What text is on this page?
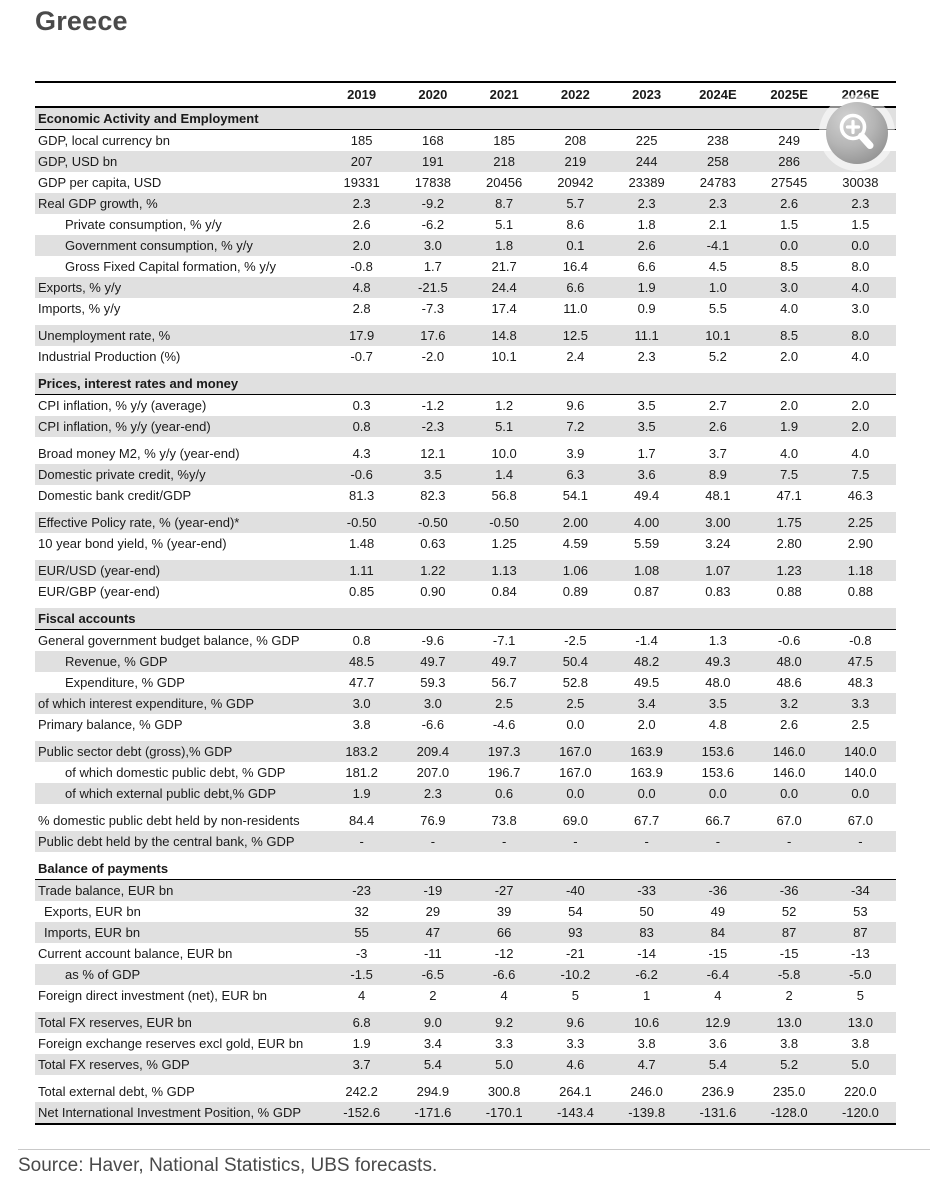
Greece
	2019	2020	2021	2022	2023	2024E	2025E	2026E
Economic Activity and Employment								
GDP, local currency bn	185	168	185	208	225	238	249	
GDP, USD bn	207	191	218	219	244	258	286	
GDP per capita, USD	19331	17838	20456	20942	23389	24783	27545	30038
Real GDP growth, %	2.3	-9.2	8.7	5.7	2.3	2.3	2.6	2.3
Private consumption, % y/y	2.6	-6.2	5.1	8.6	1.8	2.1	1.5	1.5
Government consumption, % y/y	2.0	3.0	1.8	0.1	2.6	-4.1	0.0	0.0
Gross Fixed Capital formation, % y/y	-0.8	1.7	21.7	16.4	6.6	4.5	8.5	8.0
Exports, % y/y	4.8	-21.5	24.4	6.6	1.9	1.0	3.0	4.0
Imports, % y/y	2.8	-7.3	17.4	11.0	0.9	5.5	4.0	3.0

Unemployment rate, %	17.9	17.6	14.8	12.5	11.1	10.1	8.5	8.0
Industrial Production (%)	-0.7	-2.0	10.1	2.4	2.3	5.2	2.0	4.0

Prices, interest rates and money								
CPI inflation, % y/y (average)	0.3	-1.2	1.2	9.6	3.5	2.7	2.0	2.0
CPI inflation, % y/y (year-end)	0.8	-2.3	5.1	7.2	3.5	2.6	1.9	2.0

Broad money M2, % y/y (year-end)	4.3	12.1	10.0	3.9	1.7	3.7	4.0	4.0
Domestic private credit, %y/y	-0.6	3.5	1.4	6.3	3.6	8.9	7.5	7.5
Domestic bank credit/GDP	81.3	82.3	56.8	54.1	49.4	48.1	47.1	46.3

Effective Policy rate, % (year-end)*	-0.50	-0.50	-0.50	2.00	4.00	3.00	1.75	2.25
10 year bond yield, % (year-end)	1.48	0.63	1.25	4.59	5.59	3.24	2.80	2.90

EUR/USD (year-end)	1.11	1.22	1.13	1.06	1.08	1.07	1.23	1.18
EUR/GBP (year-end)	0.85	0.90	0.84	0.89	0.87	0.83	0.88	0.88

Fiscal accounts								
General government budget balance, % GDP	0.8	-9.6	-7.1	-2.5	-1.4	1.3	-0.6	-0.8
Revenue, % GDP	48.5	49.7	49.7	50.4	48.2	49.3	48.0	47.5
Expenditure, % GDP	47.7	59.3	56.7	52.8	49.5	48.0	48.6	48.3
of which interest expenditure, % GDP	3.0	3.0	2.5	2.5	3.4	3.5	3.2	3.3
Primary balance, % GDP	3.8	-6.6	-4.6	0.0	2.0	4.8	2.6	2.5

Public sector debt (gross),% GDP	183.2	209.4	197.3	167.0	163.9	153.6	146.0	140.0
of which domestic public debt, % GDP	181.2	207.0	196.7	167.0	163.9	153.6	146.0	140.0
of which external public debt,% GDP	1.9	2.3	0.6	0.0	0.0	0.0	0.0	0.0

% domestic public debt held by non-residents	84.4	76.9	73.8	69.0	67.7	66.7	67.0	67.0
Public debt held by the central bank, % GDP	-	-	-	-	-	-	-	-

Balance of payments								
Trade balance, EUR bn	-23	-19	-27	-40	-33	-36	-36	-34
Exports, EUR bn	32	29	39	54	50	49	52	53
Imports, EUR bn	55	47	66	93	83	84	87	87
Current account balance, EUR bn	-3	-11	-12	-21	-14	-15	-15	-13
as % of GDP	-1.5	-6.5	-6.6	-10.2	-6.2	-6.4	-5.8	-5.0
Foreign direct investment (net), EUR bn	4	2	4	5	1	4	2	5

Total FX reserves, EUR bn	6.8	9.0	9.2	9.6	10.6	12.9	13.0	13.0
Foreign exchange reserves excl gold, EUR bn	1.9	3.4	3.3	3.3	3.8	3.6	3.8	3.8
Total FX reserves, % GDP	3.7	5.4	5.0	4.6	4.7	5.4	5.2	5.0

Total external debt, % GDP	242.2	294.9	300.8	264.1	246.0	236.9	235.0	220.0
Net International Investment Position, % GDP	-152.6	-171.6	-170.1	-143.4	-139.8	-131.6	-128.0	-120.0
Source: Haver, National Statistics, UBS forecasts.
